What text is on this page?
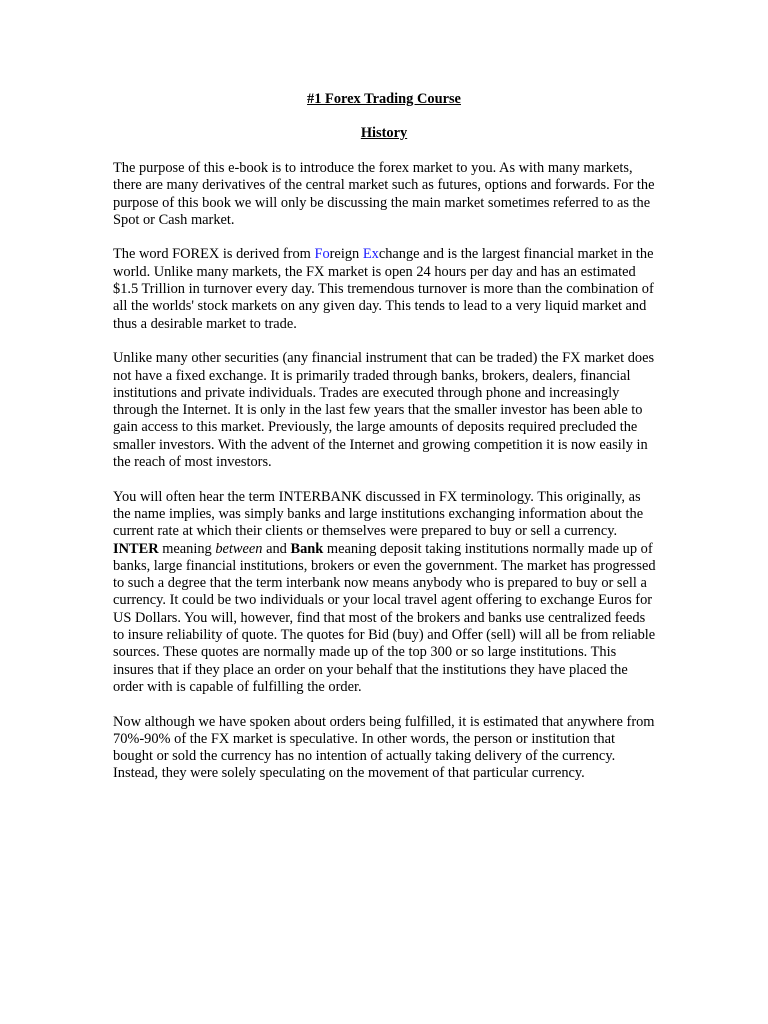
#1 Forex Trading Course
History

The purpose of this e-book is to introduce the forex market to you. As with many markets, there are many derivatives of the central market such as futures, options and forwards. For the purpose of this book we will only be discussing the main market sometimes referred to as the Spot or Cash market.

The word FOREX is derived from Foreign Exchange and is the largest financial market in the world. Unlike many markets, the FX market is open 24 hours per day and has an estimated $1.5 Trillion in turnover every day. This tremendous turnover is more than the combination of all the worlds' stock markets on any given day. This tends to lead to a very liquid market and thus a desirable market to trade.

Unlike many other securities (any financial instrument that can be traded) the FX market does not have a fixed exchange. It is primarily traded through banks, brokers, dealers, financial institutions and private individuals. Trades are executed through phone and increasingly through the Internet. It is only in the last few years that the smaller investor has been able to gain access to this market. Previously, the large amounts of deposits required precluded the smaller investors. With the advent of the Internet and growing competition it is now easily in the reach of most investors.

You will often hear the term INTERBANK discussed in FX terminology. This originally, as the name implies, was simply banks and large institutions exchanging information about the current rate at which their clients or themselves were prepared to buy or sell a currency. INTER meaning between and Bank meaning deposit taking institutions normally made up of banks, large financial institutions, brokers or even the government. The market has progressed to such a degree that the term interbank now means anybody who is prepared to buy or sell a currency. It could be two individuals or your local travel agent offering to exchange Euros for US Dollars. You will, however, find that most of the brokers and banks use centralized feeds to insure reliability of quote. The quotes for Bid (buy) and Offer (sell) will all be from reliable sources. These quotes are normally made up of the top 300 or so large institutions. This insures that if they place an order on your behalf that the institutions they have placed the order with is capable of fulfilling the order.

Now although we have spoken about orders being fulfilled, it is estimated that anywhere from 70%-90% of the FX market is speculative. In other words, the person or institution that bought or sold the currency has no intention of actually taking delivery of the currency. Instead, they were solely speculating on the movement of that particular currency.
